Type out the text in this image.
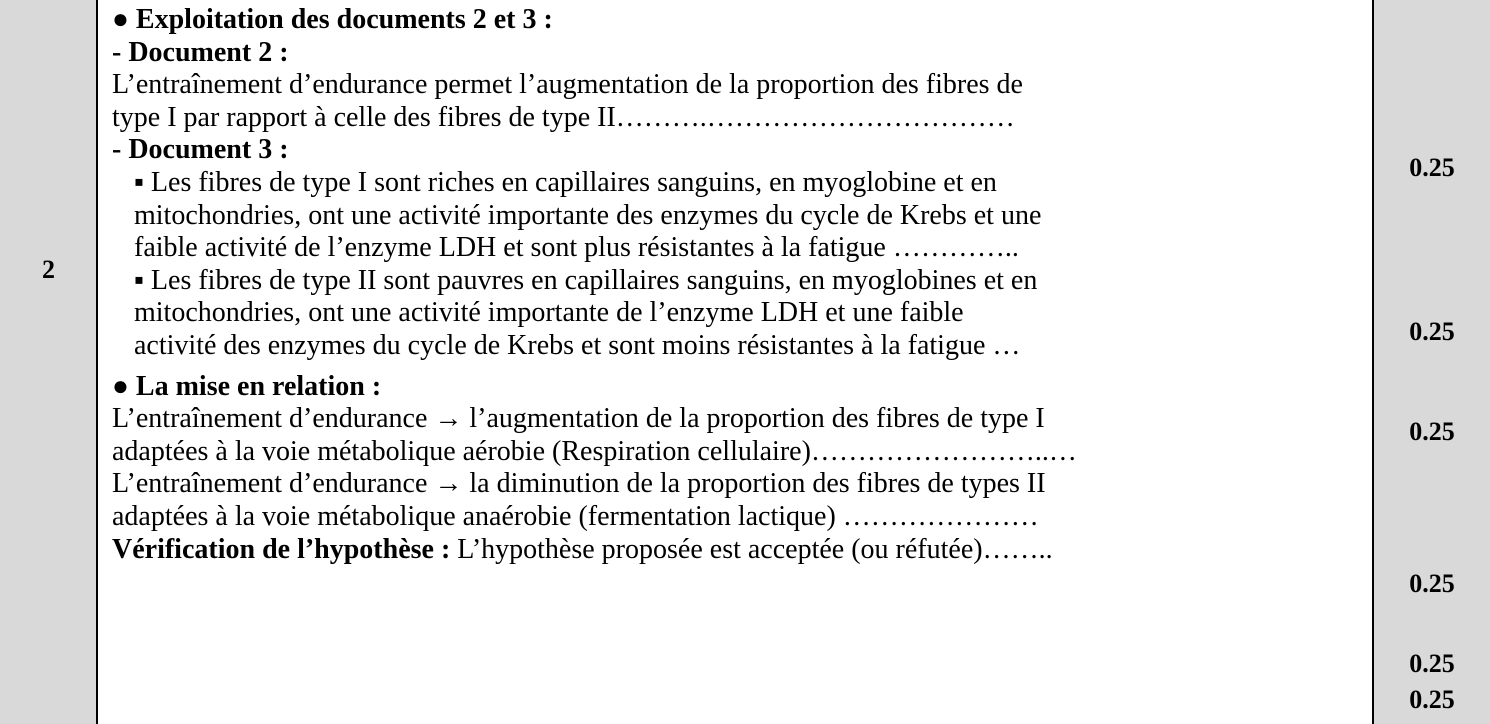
2
● Exploitation des documents 2 et 3 :
- Document 2 :
L’entraînement d’endurance permet l’augmentation de la proportion des fibres de
type I par rapport à celle des fibres de type II……….……………………………
- Document 3 :
▪ Les fibres de type I sont riches en capillaires sanguins, en myoglobine et en
mitochondries, ont une activité importante des enzymes du cycle de Krebs et une
faible activité de l’enzyme LDH et sont plus résistantes à la fatigue …………..
▪ Les fibres de type II sont pauvres en capillaires sanguins, en myoglobines et en
mitochondries, ont une activité importante de l’enzyme LDH et une faible
activité des enzymes du cycle de Krebs et sont moins résistantes à la fatigue …
● La mise en relation :
L’entraînement d’endurance → l’augmentation de la proportion des fibres de type I
adaptées à la voie métabolique aérobie (Respiration cellulaire)……………………..…
L’entraînement d’endurance → la diminution de la proportion des fibres de types II
adaptées à la voie métabolique anaérobie (fermentation lactique) …………………
Vérification de l’hypothèse : L’hypothèse proposée est acceptée (ou réfutée)……..
0.25
0.25
0.25
0.25
0.25
0.25
